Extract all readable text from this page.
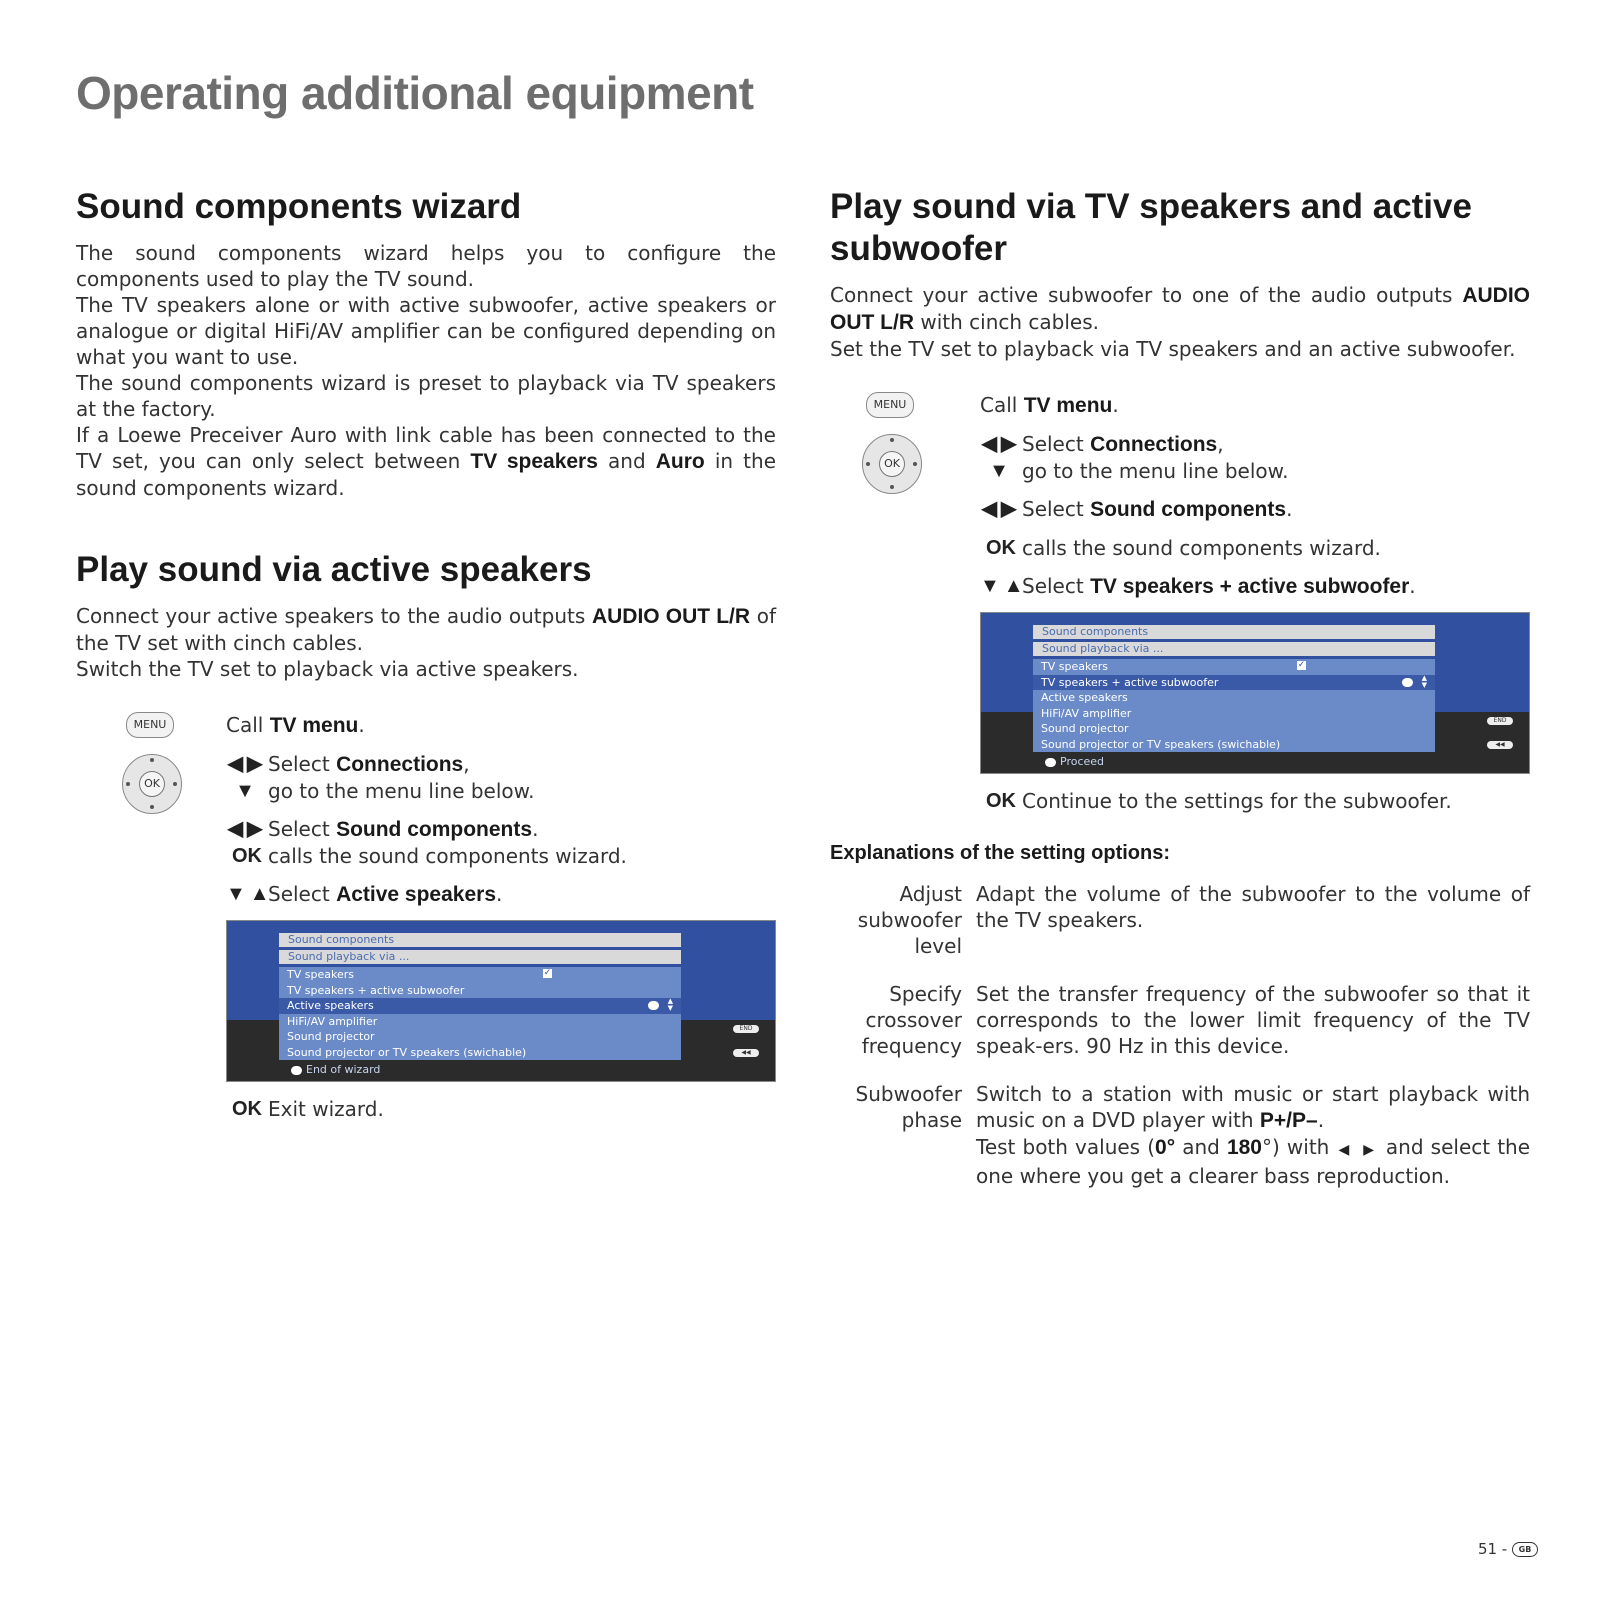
Operating additional equipment
Sound components wizard

The sound components wizard helps you to configure the components used to play the TV sound.

The TV speakers alone or with active subwoofer, active speakers or analogue or digital HiFi/AV amplifier can be configured depending on what you want to use.

The sound components wizard is preset to playback via TV speakers at the factory.

If a Loewe Preceiver Auro with link cable has been connected to the TV set, you can only select between TV speakers and Auro in the sound components wizard.

Play sound via active speakers

Connect your active speakers to the audio outputs AUDIO OUT L/R of the TV set with cinch cables.

Switch the TV set to playback via active speakers.

MENU
OK
Call TV menu.
◀▶ Select Connections,

▼ go to the menu line below.
◀▶ Select Sound components.

OK calls the sound components wizard.
▼▲
Select Active speakers.
Sound components
Sound playback via ...
TV speakers	✓
TV speakers + active subwoofer
Active speakers	▲
▼
HiFi/AV amplifier
Sound projector
Sound projector or TV speakers (swichable)
End of wizard
END
◀◀
OK Exit wizard.
Play sound via TV speakers and active subwoofer

Connect your active subwoofer to one of the audio outputs AUDIO OUT L/R with cinch cables.

Set the TV set to playback via TV speakers and an active subwoofer.

MENU
OK
Call TV menu.
◀▶ Select Connections,

▼ go to the menu line below.
◀▶ Select Sound components.
OK calls the sound components wizard.
▼▲
Select TV speakers + active subwoofer.
Sound components
Sound playback via ...
TV speakers	✓
TV speakers + active subwoofer	▲
▼
Active speakers
HiFi/AV amplifier
Sound projector
Sound projector or TV speakers (swichable)
Proceed
END
◀◀
OK Continue to the settings for the subwoofer.
Explanations of the setting options:
Adjust subwoofer level
Adapt the volume of the subwoofer to the volume of the TV speakers.
Specify crossover frequency
Set the transfer frequency of the subwoofer so that it corresponds to the lower limit frequency of the TV speak-ers. 90 Hz in this device.
Subwoofer phase
Switch to a station with music or start playback with music on a DVD player with P+/P–.
Test both values (0° and 180°) with ◀ ▶ and select the one where you get a clearer bass reproduction.
51 - GB
